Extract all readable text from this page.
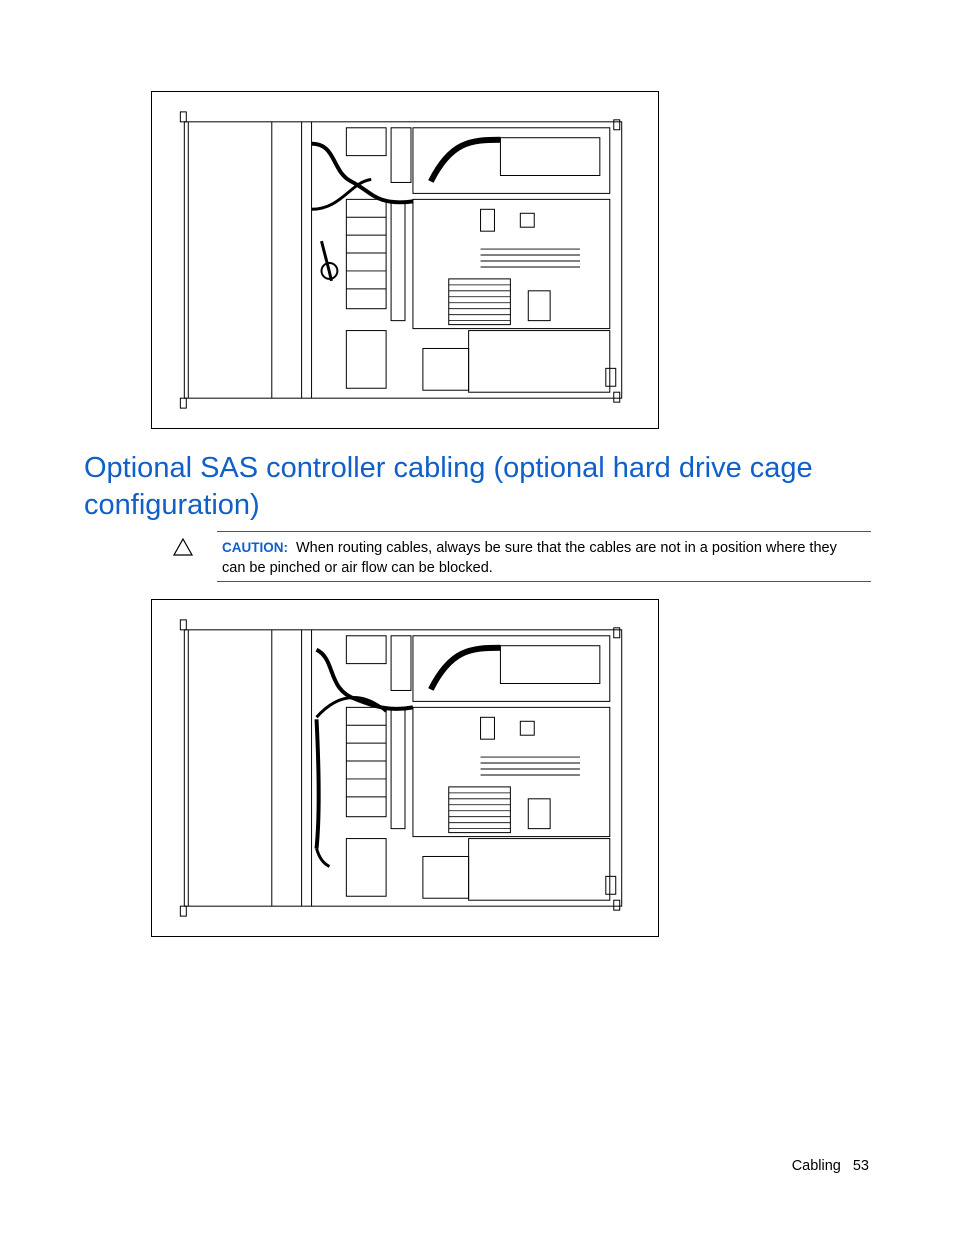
Optional SAS controller cabling (optional hard drive cage configuration)
CAUTION: When routing cables, always be sure that the cables are not in a position where they can be pinched or air flow can be blocked.
Cabling 53
